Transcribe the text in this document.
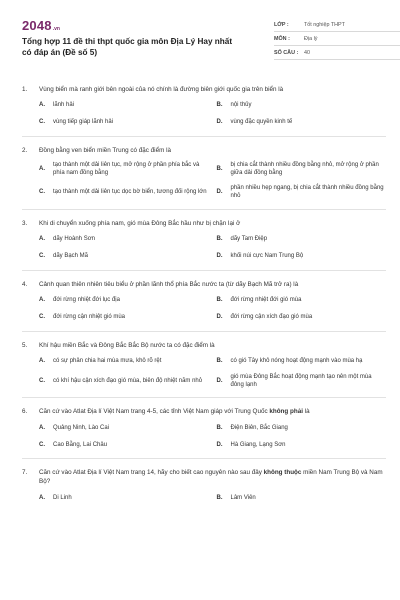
2048 .vn
Tổng hợp 11 đề thi thpt quốc gia môn Địa Lý Hay nhất có đáp án (Đề số 5)
LỚP :	Tốt nghiệp THPT
MÔN :	Địa lý
SỐ CÂU :	40
1.	Vùng biển mà ranh giới bên ngoài của nó chính là đường biên giới quốc gia trên biển là
A.	lãnh hải	B.	nội thủy
C.	vùng tiếp giáp lãnh hải	D.	vùng đặc quyền kinh tế
2.	Đồng bằng ven biển miền Trung có đặc điểm là
A.
tạo thành một dải liên tục, mở rộng ở phần phía bắc và phía nam đồng bằng
B.
bị chia cắt thành nhiều đồng bằng nhỏ, mở rộng ở phần giữa dải đồng bằng
C.	tạo thành một dải liên tục dọc bờ biển, tương đối rộng lớn	D.
phần nhiều hẹp ngang, bị chia cắt thành nhiều đồng bằng nhỏ
3.	Khi di chuyển xuống phía nam, gió mùa Đông Bắc hầu như bị chặn lại ở
A.	dãy Hoành Sơn	B.	dãy Tam Điệp
C.	dãy Bạch Mã	D.	khối núi cực Nam Trung Bộ
4.	Cảnh quan thiên nhiên tiêu biểu ở phần lãnh thổ phía Bắc nước ta (từ dãy Bạch Mã trở ra) là
A.	đới rừng nhiệt đới lục địa	B.	đới rừng nhiệt đới gió mùa
C.	đới rừng cận nhiệt gió mùa	D.	đới rừng cận xích đạo gió mùa
5.	Khí hậu miền Bắc và Đông Bắc Bắc Bộ nước ta có đặc điểm là
A.	có sự phân chia hai mùa mưa, khô rõ rệt	B.	có gió Tây khô nóng hoạt động mạnh vào mùa hạ
C.	có khí hậu cận xích đạo gió mùa, biên độ nhiệt năm nhỏ	D.
gió mùa Đông Bắc hoạt động mạnh tạo nên một mùa đông lạnh
6.	Căn cứ vào Atlat Địa lí Việt Nam trang 4-5, các tỉnh Việt Nam giáp với Trung Quốc không phải là
A.	Quảng Ninh, Lào Cai	B.	Điện Biên, Bắc Giang
C.	Cao Bằng, Lai Châu	D.	Hà Giang, Lạng Sơn
7.	Căn cứ vào Atlat Địa lí Việt Nam trang 14, hãy cho biết cao nguyên nào sau đây không thuộc miền Nam Trung Bộ và Nam Bộ?
A.	Di Linh	B.	Lâm Viên
